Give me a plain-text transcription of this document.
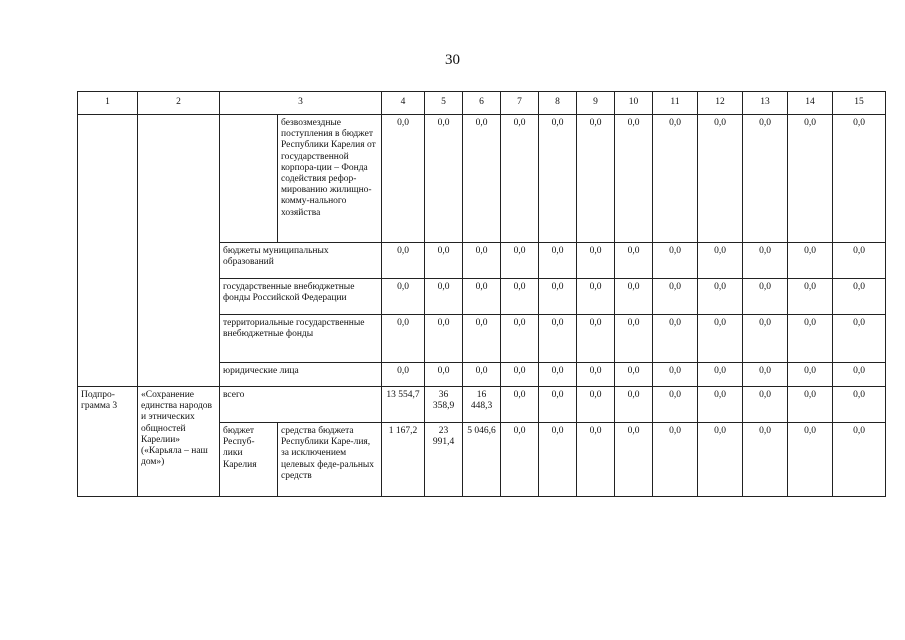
30
1	2	3		4	5	6	7	8	9	10	11	12	13	14	15
			безвозмездные поступления в бюджет Республики Карелия от государственной корпора-ции – Фонда содействия рефор-мированию жилищно-комму-нального хозяйства	0,0	0,0	0,0	0,0	0,0	0,0	0,0	0,0	0,0	0,0	0,0	0,0
		бюджеты муниципальных образований		0,0	0,0	0,0	0,0	0,0	0,0	0,0	0,0	0,0	0,0	0,0	0,0
		государственные внебюджетные фонды Российской Федерации		0,0	0,0	0,0	0,0	0,0	0,0	0,0	0,0	0,0	0,0	0,0	0,0
		территориальные государственные внебюджетные фонды		0,0	0,0	0,0	0,0	0,0	0,0	0,0	0,0	0,0	0,0	0,0	0,0
		юридические лица		0,0	0,0	0,0	0,0	0,0	0,0	0,0	0,0	0,0	0,0	0,0	0,0
Подпро-грамма 3	«Сохранение единства народов и этнических общностей Карелии» («Карьяла – наш дом»)	всего		13 554,7	36 358,9	16 448,3	0,0	0,0	0,0	0,0	0,0	0,0	0,0	0,0	0,0
		бюджет Респуб-лики Карелия	средства бюджета Республики Каре-лия, за исключением целевых феде-ральных средств	1 167,2	23 991,4	5 046,6	0,0	0,0	0,0	0,0	0,0	0,0	0,0	0,0	0,0
